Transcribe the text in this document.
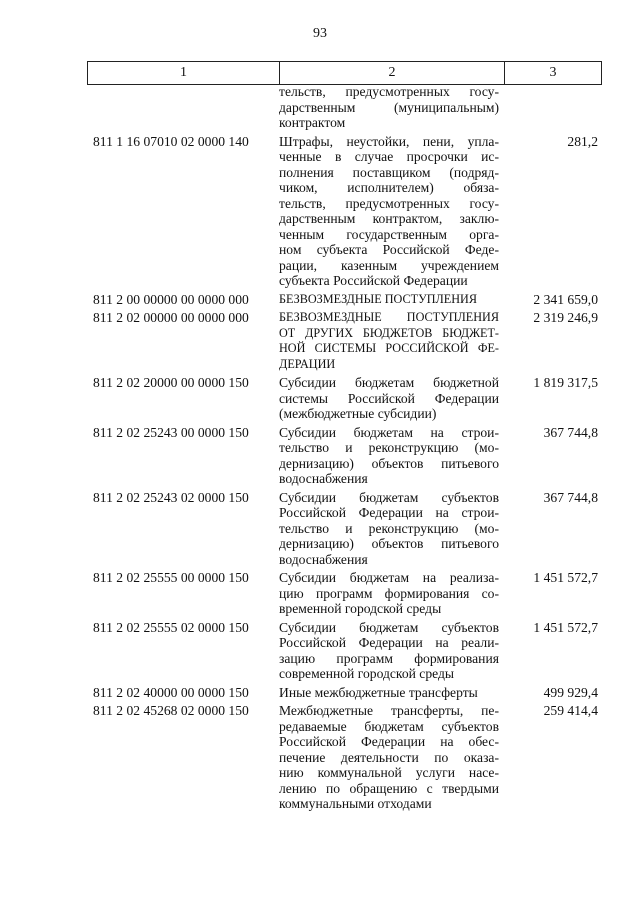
93
1	2	3
тельств, предусмотренных госу-
дарственным (муниципальным)
контрактом
811 1 16 07010 02 0000 140	Штрафы, неустойки, пени, упла-
ченные в случае просрочки ис-
полнения поставщиком (подряд-
чиком, исполнителем) обяза-
тельств, предусмотренных госу-
дарственным контрактом, заклю-
ченным государственным орга-
ном субъекта Российской Феде-
рации, казенным учреждением
субъекта Российской Федерации
281,2
811 2 00 00000 00 0000 000	БЕЗВОЗМЕЗДНЫЕ ПОСТУПЛЕНИЯ	2 341 659,0
811 2 02 00000 00 0000 000	БЕЗВОЗМЕЗДНЫЕ ПОСТУПЛЕНИЯ
ОТ ДРУГИХ БЮДЖЕТОВ БЮДЖЕТ-
НОЙ СИСТЕМЫ РОССИЙСКОЙ ФЕ-
ДЕРАЦИИ
2 319 246,9
811 2 02 20000 00 0000 150	Субсидии бюджетам бюджетной
системы Российской Федерации
(межбюджетные субсидии)
1 819 317,5
811 2 02 25243 00 0000 150	Субсидии бюджетам на строи-
тельство и реконструкцию (мо-
дернизацию) объектов питьевого
водоснабжения
367 744,8
811 2 02 25243 02 0000 150	Субсидии бюджетам субъектов
Российской Федерации на строи-
тельство и реконструкцию (мо-
дернизацию) объектов питьевого
водоснабжения
367 744,8
811 2 02 25555 00 0000 150	Субсидии бюджетам на реализа-
цию программ формирования со-
временной городской среды
1 451 572,7
811 2 02 25555 02 0000 150	Субсидии бюджетам субъектов
Российской Федерации на реали-
зацию программ формирования
современной городской среды
1 451 572,7
811 2 02 40000 00 0000 150	Иные межбюджетные трансферты	499 929,4
811 2 02 45268 02 0000 150	Межбюджетные трансферты, пе-
редаваемые бюджетам субъектов
Российской Федерации на обес-
печение деятельности по оказа-
нию коммунальной услуги насе-
лению по обращению с твердыми
коммунальными отходами
259 414,4
